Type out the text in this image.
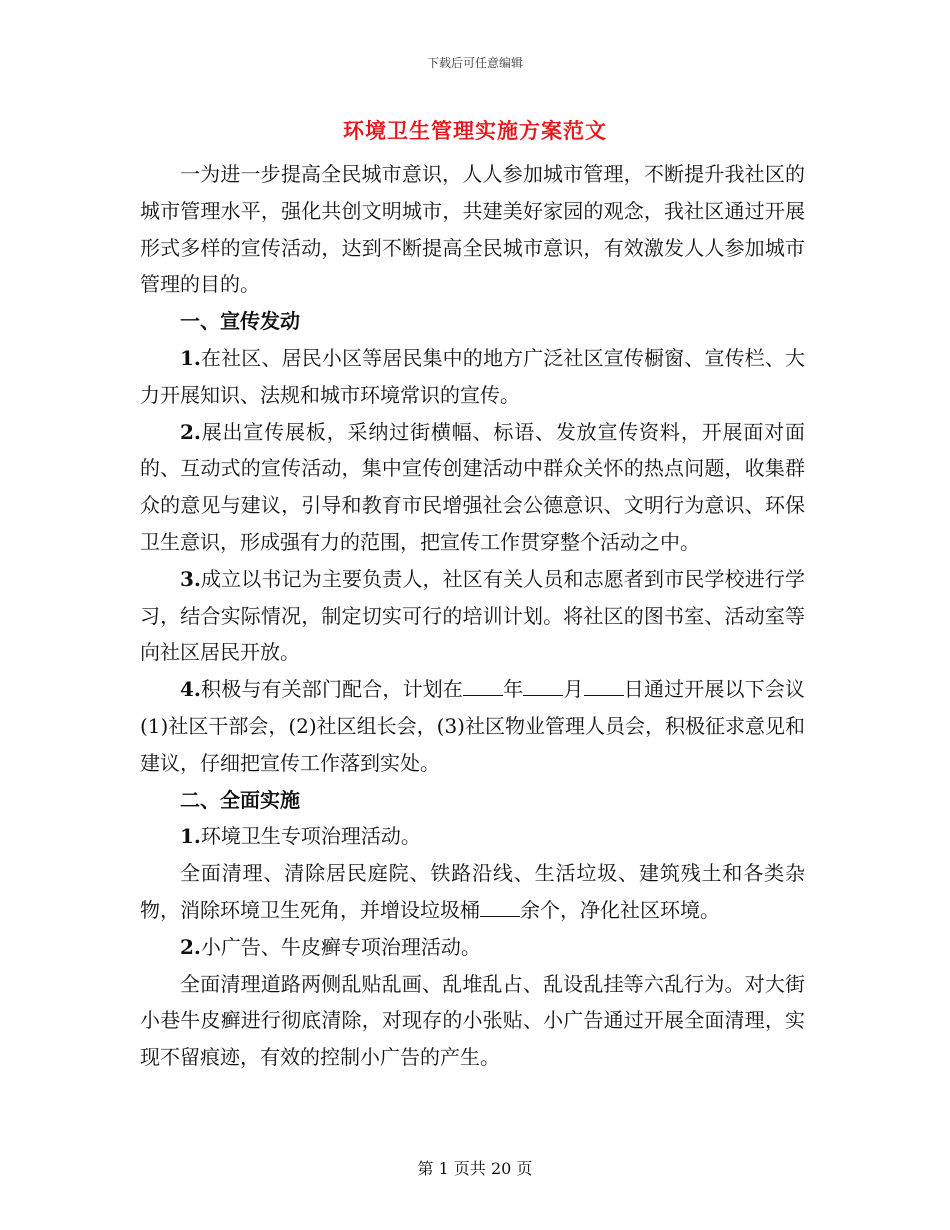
下载后可任意编辑
环境卫生管理实施方案范文

一为进一步提高全民城市意识，人人参加城市管理，不断提升我社区的城市管理水平，强化共创文明城市，共建美好家园的观念，我社区通过开展形式多样的宣传活动，达到不断提高全民城市意识，有效激发人人参加城市管理的目的。

一、宣传发动

1.在社区、居民小区等居民集中的地方广泛社区宣传橱窗、宣传栏、大力开展知识、法规和城市环境常识的宣传。

2.展出宣传展板，采纳过街横幅、标语、发放宣传资料，开展面对面的、互动式的宣传活动，集中宣传创建活动中群众关怀的热点问题，收集群众的意见与建议，引导和教育市民增强社会公德意识、文明行为意识、环保卫生意识，形成强有力的范围，把宣传工作贯穿整个活动之中。

3.成立以书记为主要负责人，社区有关人员和志愿者到市民学校进行学习，结合实际情况，制定切实可行的培训计划。将社区的图书室、活动室等向社区居民开放。

4.积极与有关部门配合，计划在 年 月 日通过开展以下会议(1)社区干部会，(2)社区组长会，(3)社区物业管理人员会，积极征求意见和建议，仔细把宣传工作落到实处。

二、全面实施

1.环境卫生专项治理活动。

全面清理、清除居民庭院、铁路沿线、生活垃圾、建筑残土和各类杂物，消除环境卫生死角，并增设垃圾桶 余个，净化社区环境。

2.小广告、牛皮癣专项治理活动。

全面清理道路两侧乱贴乱画、乱堆乱占、乱设乱挂等六乱行为。对大街小巷牛皮癣进行彻底清除，对现存的小张贴、小广告通过开展全面清理，实现不留痕迹，有效的控制小广告的产生。

第 1 页共 20 页
